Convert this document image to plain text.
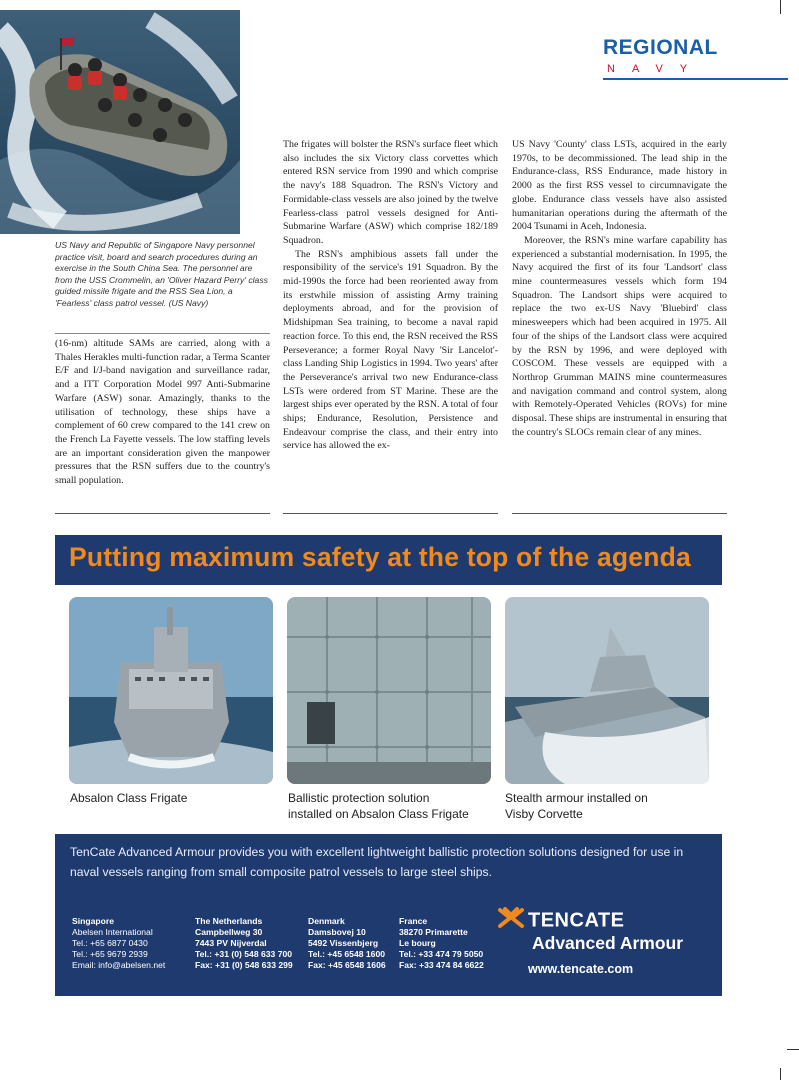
REGIONAL
NAVY
US Navy and Republic of Singapore Navy personnel practice visit, board and search procedures during an exercise in the South China Sea. The personnel are from the USS Crommelin, an 'Oliver Hazard Perry' class guided missile frigate and the RSS Sea Lion, a 'Fearless' class patrol vessel. (US Navy)

(16-nm) altitude SAMs are carried, along with a Thales Herakles multi-function radar, a Terma Scanter E/F and I/J-band navigation and surveillance radar, and a ITT Corporation Model 997 Anti-Submarine Warfare (ASW) sonar. Amazingly, thanks to the utilisation of technology, these ships have a complement of 60 crew compared to the 141 crew on the French La Fayette vessels. The low staffing levels are an important consideration given the manpower pressures that the RSN suffers due to the country's small population.

The frigates will bolster the RSN's surface fleet which also includes the six Victory class corvettes which entered RSN service from 1990 and which comprise the navy's 188 Squadron. The RSN's Victory and Formidable-class vessels are also joined by the twelve Fearless-class patrol vessels designed for Anti-Submarine Warfare (ASW) which comprise 182/189 Squadron.

The RSN's amphibious assets fall under the responsibility of the service's 191 Squadron. By the mid-1990s the force had been reoriented away from its erstwhile mission of assisting Army training deployments abroad, and for the provision of Midshipman Sea training, to become a naval rapid reaction force. To this end, the RSN received the RSS Perseverance; a former Royal Navy 'Sir Lancelot'-class Landing Ship Logistics in 1994. Two years' after the Perseverance's arrival two new Endurance-class LSTs were ordered from ST Marine. These are the largest ships ever operated by the RSN. A total of four ships; Endurance, Resolution, Persistence and Endeavour comprise the class, and their entry into service has allowed the ex-

US Navy 'County' class LSTs, acquired in the early 1970s, to be decommissioned. The lead ship in the Endurance-class, RSS Endurance, made history in 2000 as the first RSS vessel to circumnavigate the globe. Endurance class vessels have also assisted humanitarian operations during the aftermath of the 2004 Tsunami in Aceh, Indonesia.

Moreover, the RSN's mine warfare capability has experienced a substantial modernisation. In 1995, the Navy acquired the first of its four 'Landsort' class mine countermeasures vessels which form 194 Squadron. The Landsort ships were acquired to replace the two ex-US Navy 'Bluebird' class minesweepers which had been acquired in 1975. All four of the ships of the Landsort class were acquired by the RSN by 1996, and were deployed with COSCOM. These vessels are equipped with a Northrop Grumman MAINS mine countermeasures and navigation command and control system, along with Remotely-Operated Vehicles (ROVs) for mine disposal. These ships are instrumental in ensuring that the country's SLOCs remain clear of any mines.

Putting maximum safety at the top of the agenda
Absalon Class Frigate	Ballistic protection solution
installed on Absalon Class Frigate
Stealth armour installed on
Visby Corvette
TenCate Advanced Armour provides you with excellent lightweight ballistic protection solutions designed for use in naval vessels ranging from small composite patrol vessels to large steel ships.
Singapore
Abelsen International
Tel.: +65 6877 0430
Tel.: +65 9679 2939
Email: info@abelsen.net
The Netherlands
Campbellweg 30
7443 PV Nijverdal
Tel.: +31 (0) 548 633 700
Fax: +31 (0) 548 633 299
Denmark
Damsbovej 10
5492 Vissenbjerg
Tel.: +45 6548 1600
Fax: +45 6548 1606
France
38270 Primarette
Le bourg
Tel.: +33 474 79 5050
Fax: +33 474 84 6622
TENCATE
Advanced Armour
www.tencate.com
